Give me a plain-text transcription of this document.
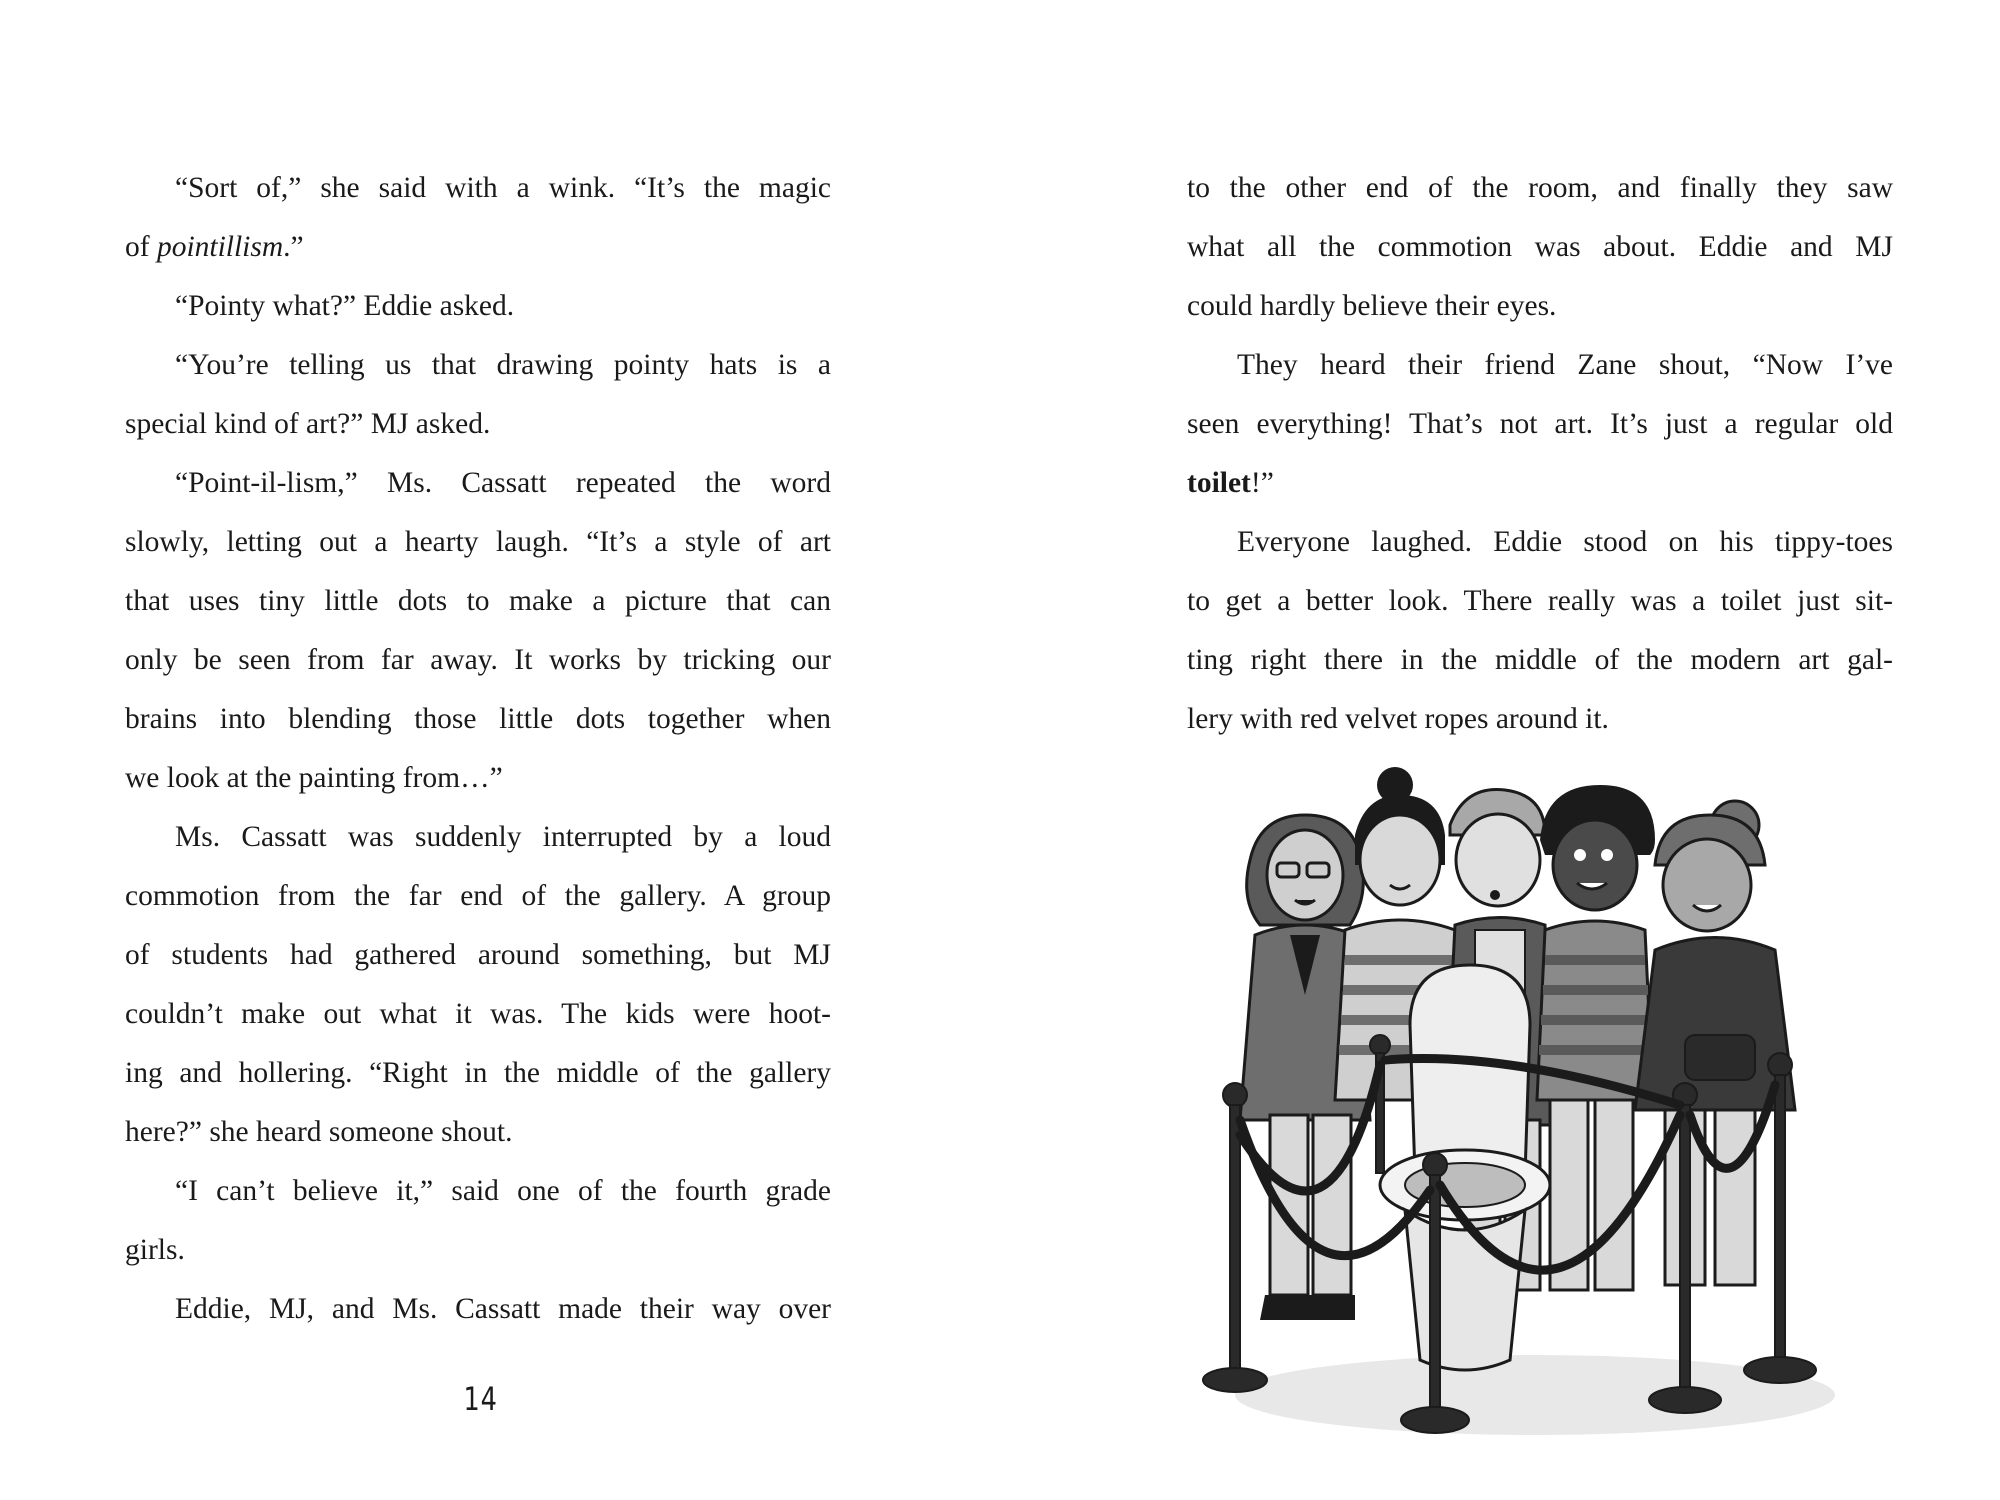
“Sort of,” she said with a wink. “It’s the magic
of pointillism.”
“Pointy what?” Eddie asked.
“You’re telling us that drawing pointy hats is a
special kind of art?” MJ asked.
“Point-il-lism,” Ms. Cassatt repeated the word
slowly, letting out a hearty laugh. “It’s a style of art
that uses tiny little dots to make a picture that can
only be seen from far away. It works by tricking our
brains into blending those little dots together when
we look at the painting from…”
Ms. Cassatt was suddenly interrupted by a loud
commotion from the far end of the gallery. A group
of students had gathered around something, but MJ
couldn’t make out what it was. The kids were hoot-
ing and hollering. “Right in the middle of the gallery
here?” she heard someone shout.
“I can’t believe it,” said one of the fourth grade
girls.
Eddie, MJ, and Ms. Cassatt made their way over
14
to the other end of the room, and finally they saw
what all the commotion was about. Eddie and MJ
could hardly believe their eyes.
They heard their friend Zane shout, “Now I’ve
seen everything! That’s not art. It’s just a regular old
toilet!”
Everyone laughed. Eddie stood on his tippy-toes
to get a better look. There really was a toilet just sit-
ting right there in the middle of the modern art gal-
lery with red velvet ropes around it.
